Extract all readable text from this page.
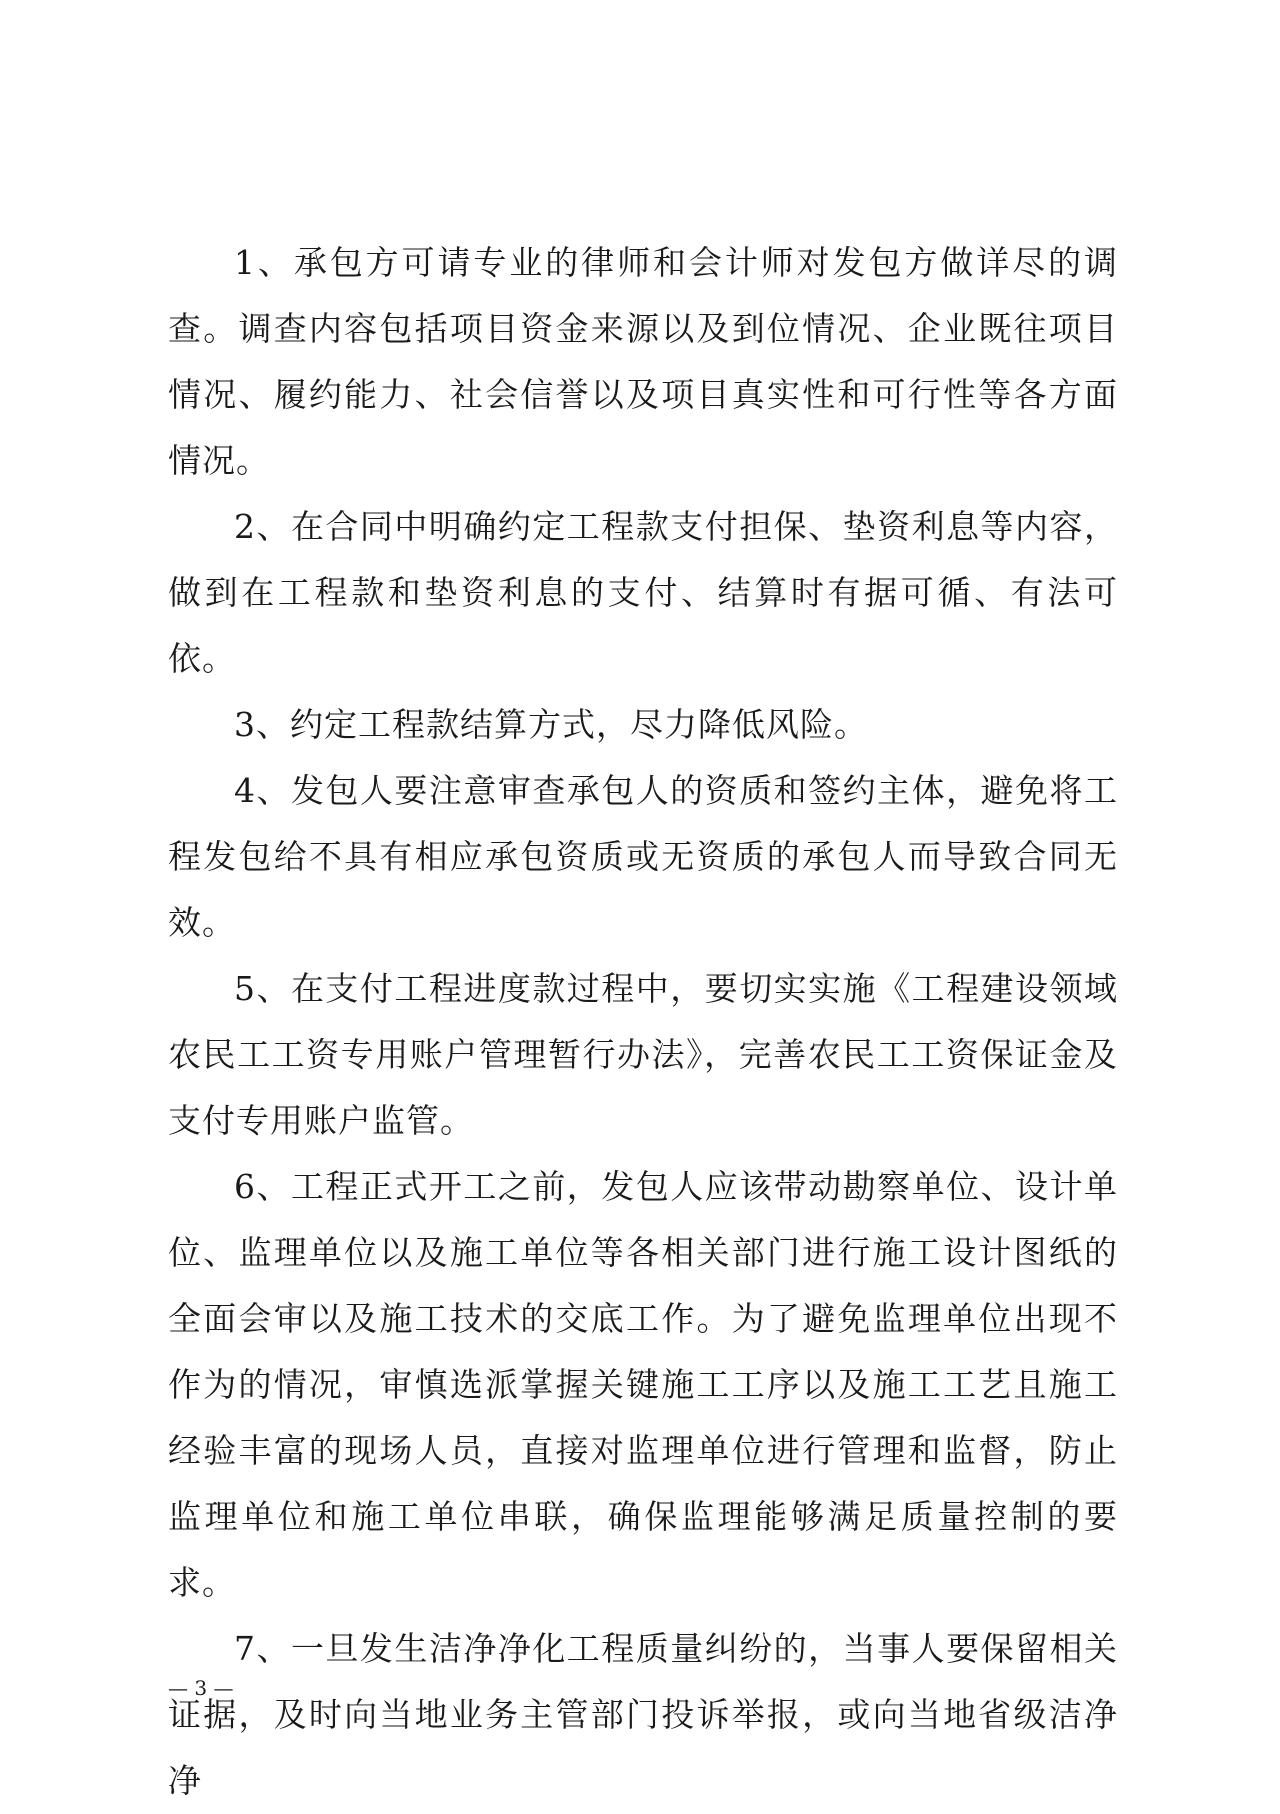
1、承包方可请专业的律师和会计师对发包方做详尽的调查。调查内容包括项目资金来源以及到位情况、企业既往项目情况、履约能力、社会信誉以及项目真实性和可行性等各方面情况。

2、在合同中明确约定工程款支付担保、垫资利息等内容，做到在工程款和垫资利息的支付、结算时有据可循、有法可依。

3、约定工程款结算方式，尽力降低风险。

4、发包人要注意审查承包人的资质和签约主体，避免将工程发包给不具有相应承包资质或无资质的承包人而导致合同无效。

5、在支付工程进度款过程中，要切实实施《工程建设领域农民工工资专用账户管理暂行办法》，完善农民工工资保证金及支付专用账户监管。

6、工程正式开工之前，发包人应该带动勘察单位、设计单位、监理单位以及施工单位等各相关部门进行施工设计图纸的全面会审以及施工技术的交底工作。为了避免监理单位出现不作为的情况，审慎选派掌握关键施工工序以及施工工艺且施工经验丰富的现场人员，直接对监理单位进行管理和监督，防止监理单位和施工单位串联，确保监理能够满足质量控制的要求。

7、一旦发生洁净净化工程质量纠纷的，当事人要保留相关证据，及时向当地业务主管部门投诉举报，或向当地省级洁净净

— 3 —
